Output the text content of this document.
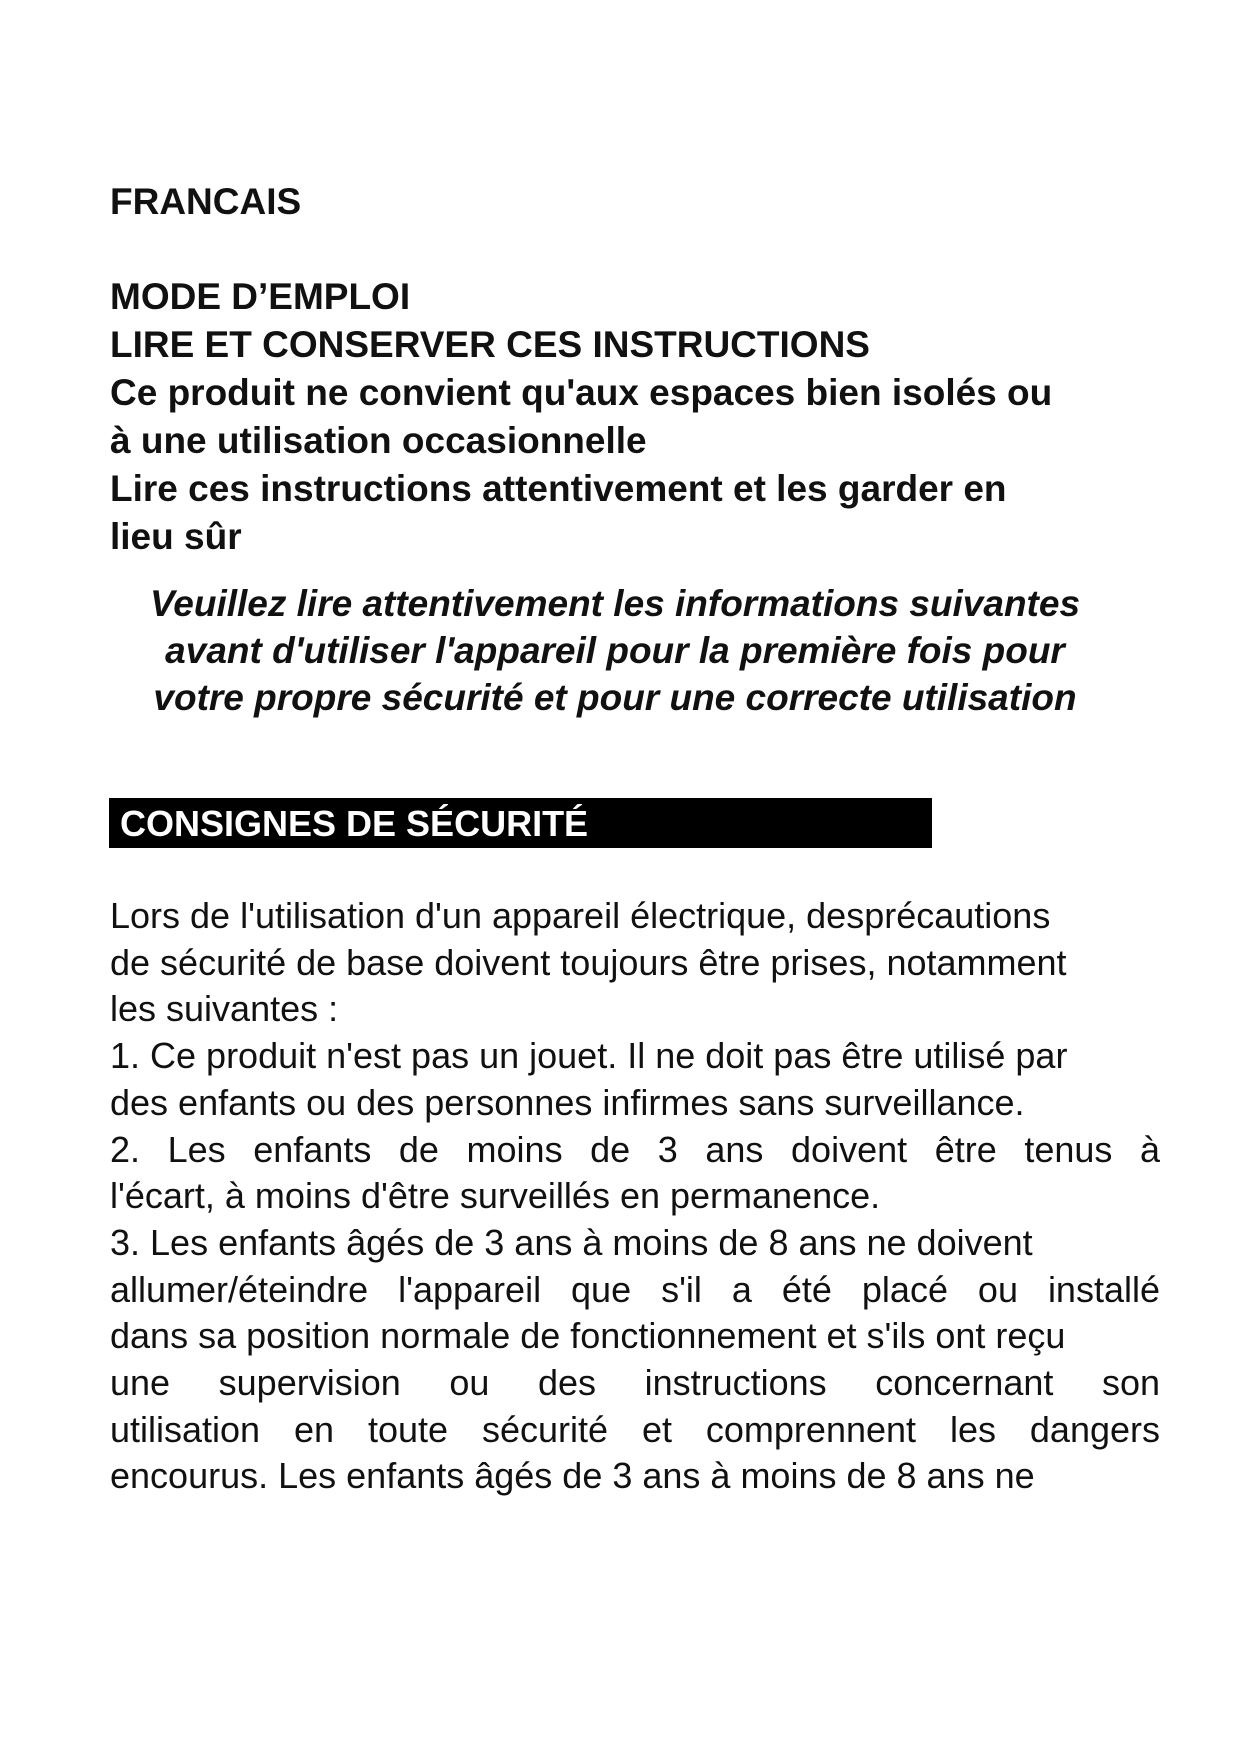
FRANCAIS
MODE D’EMPLOI
LIRE ET CONSERVER CES INSTRUCTIONS
Ce produit ne convient qu'aux espaces bien isolés ou
à une utilisation occasionnelle
Lire ces instructions attentivement et les garder en
lieu sûr
Veuillez lire attentivement les informations suivantes
avant d'utiliser l'appareil pour la première fois pour
votre propre sécurité et pour une correcte utilisation
CONSIGNES DE SÉCURITÉ
Lors de l'utilisation d'un appareil électrique, desprécautions
de sécurité de base doivent toujours être prises, notamment
les suivantes :
1. Ce produit n'est pas un jouet. Il ne doit pas être utilisé par
des enfants ou des personnes infirmes sans surveillance.
2. Les enfants de moins de 3 ans doivent être tenus à
l'écart, à moins d'être surveillés en permanence.
3. Les enfants âgés de 3 ans à moins de 8 ans ne doivent
allumer/éteindre l'appareil que s'il a été placé ou installé
dans sa position normale de fonctionnement et s'ils ont reçu
une supervision ou des instructions concernant son
utilisation en toute sécurité et comprennent les dangers
encourus. Les enfants âgés de 3 ans à moins de 8 ans ne
